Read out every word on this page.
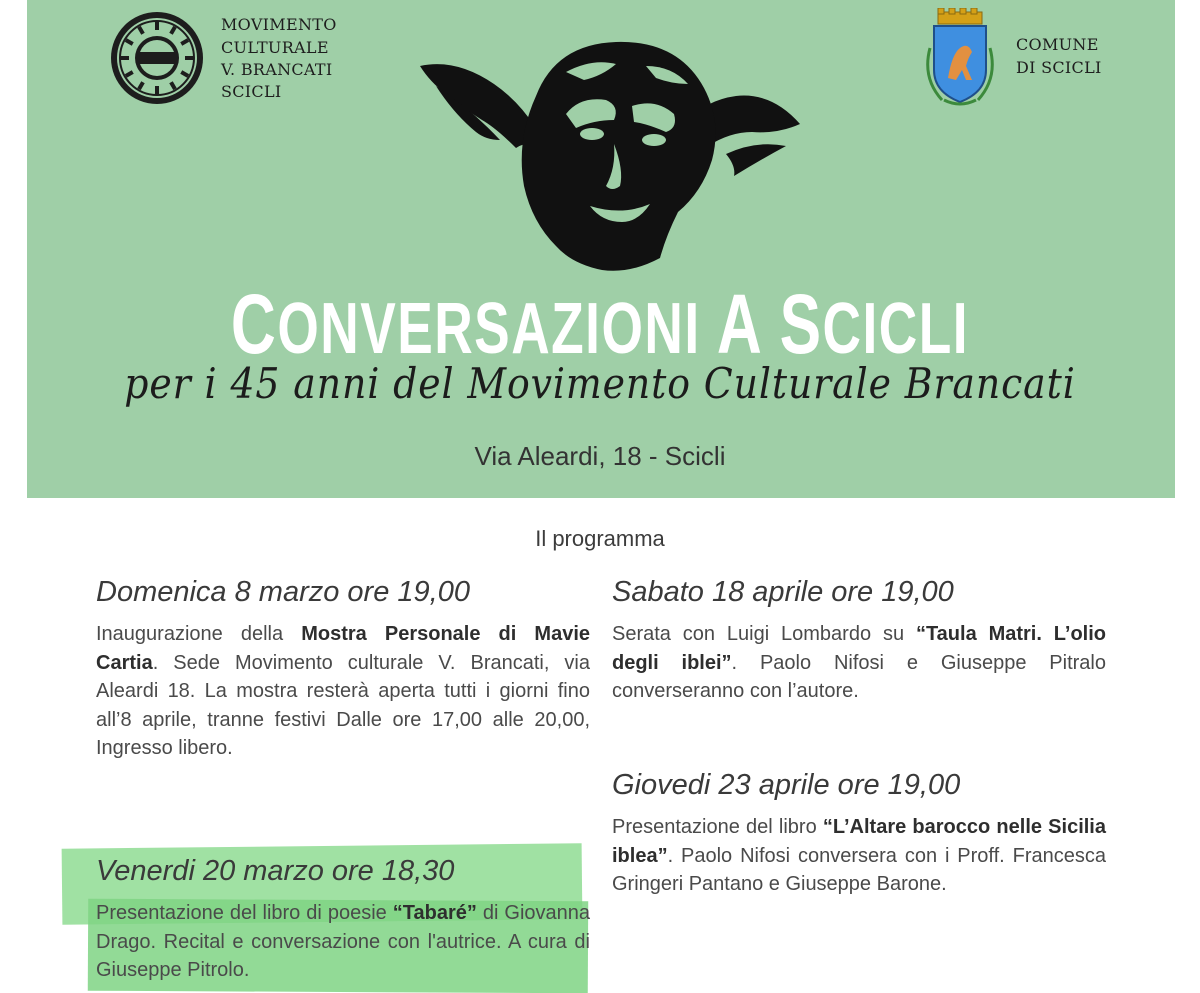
MOVIMENTO
CULTURALE
V. BRANCATI
SCICLI
COMUNE
DI SCICLI
CONVERSAZIONI A SCICLI
per i 45 anni del Movimento Culturale Brancati
Via Aleardi, 18 - Scicli
Il programma
Domenica 8 marzo ore 19,00

Inaugurazione della Mostra Personale di Mavie Cartia. Sede Movimento culturale V. Brancati, via Aleardi 18. La mostra resterà aperta tutti i giorni fino all’8 aprile, tranne festivi Dalle ore 17,00 alle 20,00, Ingresso libero.

Venerdi 20 marzo ore 18,30

Presentazione del libro di poesie “Tabaré” di Giovanna Drago. Recital e conversazione con l'autrice. A cura di Giuseppe Pitrolo.

Sabato 18 aprile ore 19,00

Serata con Luigi Lombardo su “Taula Matri. L’olio degli iblei”. Paolo Nifosi e Giuseppe Pitralo converseranno con l’autore.

Giovedi 23 aprile ore 19,00

Presentazione del libro “L’Altare barocco nelle Sicilia iblea”. Paolo Nifosi conversera con i Proff. Francesca Gringeri Pantano e Giuseppe Barone.
